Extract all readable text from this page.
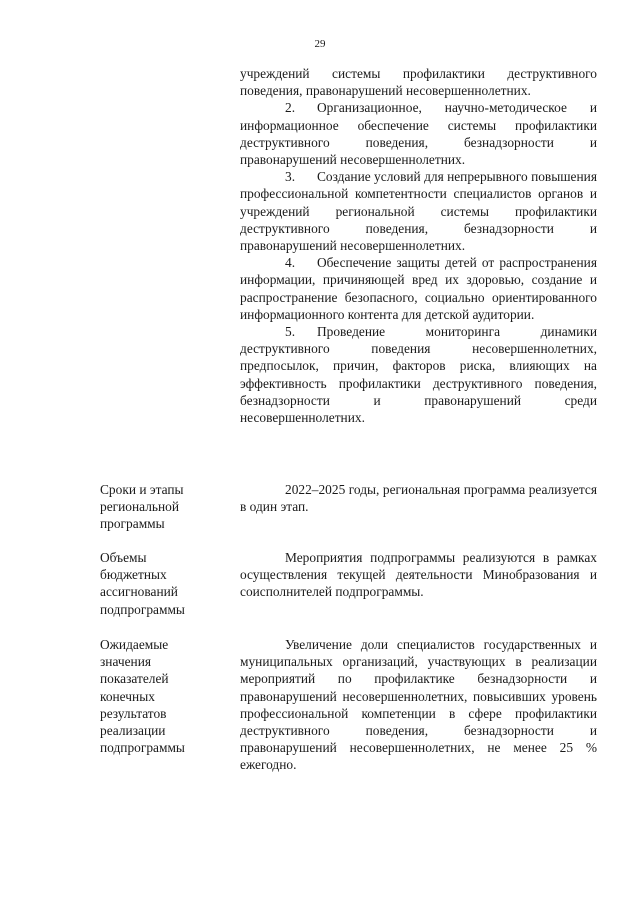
29

учреждений системы профилактики деструктивного поведения, правонарушений несовершеннолетних.

2. Организационное, научно-методическое и информационное обеспечение системы профилактики деструктивного поведения, безнадзорности и правонарушений несовершеннолетних.

3. Создание условий для непрерывного повышения профессиональной компетентности специалистов органов и учреждений региональной системы профилактики деструктивного поведения, безнадзорности и правонарушений несовершеннолетних.

4. Обеспечение защиты детей от распространения информации, причиняющей вред их здоровью, создание и распространение безопасного, социально ориентированного информационного контента для детской аудитории.

5. Проведение мониторинга динамики деструктивного поведения несовершеннолетних, предпосылок, причин, факторов риска, влияющих на эффективность профилактики деструктивного поведения, безнадзорности и правонарушений среди несовершеннолетних.

Сроки и этапы
региональной
программы

2022–2025 годы, региональная программа реализуется в один этап.

Объемы
бюджетных
ассигнований
подпрограммы

Мероприятия подпрограммы реализуются в рамках осуществления текущей деятельности Минобразования и соисполнителей подпрограммы.

Ожидаемые
значения
показателей
конечных
результатов
реализации
подпрограммы

Увеличение доли специалистов государственных и муниципальных организаций, участвующих в реализации мероприятий по профилактике безнадзорности и правонарушений несовершеннолетних, повысивших уровень профессиональной компетенции в сфере профилактики деструктивного поведения, безнадзорности и правонарушений несовершеннолетних, не менее 25 % ежегодно.
